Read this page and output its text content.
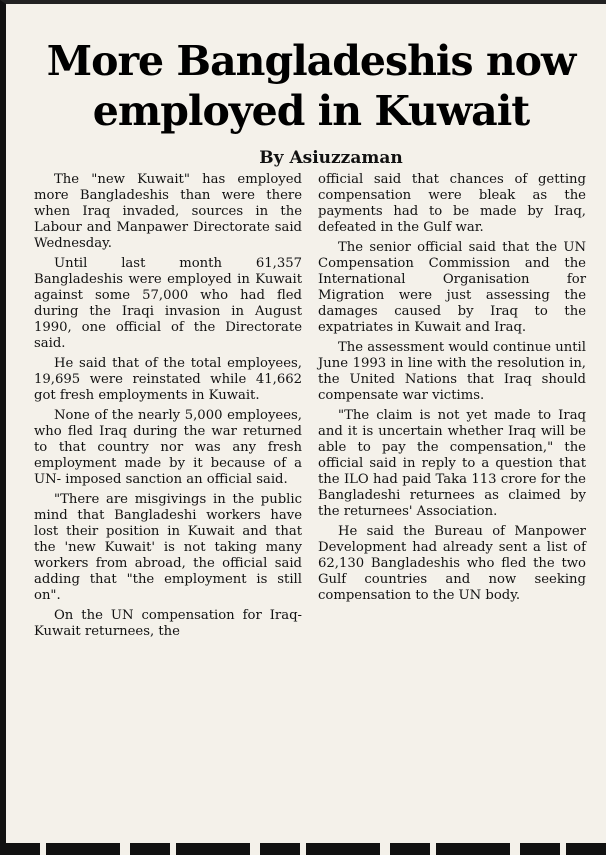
More Bangladeshis now employed in Kuwait
By Asiuzzaman

The "new Kuwait" has employed more Bangladeshis than were there when Iraq invaded, sources in the Labour and Manpawer Directorate said Wednesday.

Until last month 61,357 Bangladeshis were employed in Kuwait against some 57,000 who had fled during the Iraqi invasion in August 1990, one official of the Directorate said.

He said that of the total employees, 19,695 were reinstated while 41,662 got fresh employments in Kuwait.

None of the nearly 5,000 employees, who fled Iraq during the war returned to that country nor was any fresh employment made by it because of a UN- imposed sanction an official said.

"There are misgivings in the public mind that Bangladeshi workers have lost their position in Kuwait and that the 'new Kuwait' is not taking many workers from abroad, the official said adding that "the employment is still on".

On the UN compensation for Iraq-Kuwait returnees, the

official said that chances of getting compensation were bleak as the payments had to be made by Iraq, defeated in the Gulf war.

The senior official said that the UN Compensation Commission and the International Organisation for Migration were just assessing the damages caused by Iraq to the expatriates in Kuwait and Iraq.

The assessment would continue until June 1993 in line with the resolution in, the United Nations that Iraq should compensate war victims.

"The claim is not yet made to Iraq and it is uncertain whether Iraq will be able to pay the compensation," the official said in reply to a question that the ILO had paid Taka 113 crore for the Bangladeshi returnees as claimed by the returnees' Association.

He said the Bureau of Manpower Development had already sent a list of 62,130 Bangladeshis who fled the two Gulf countries and now seeking compensation to the UN body.
